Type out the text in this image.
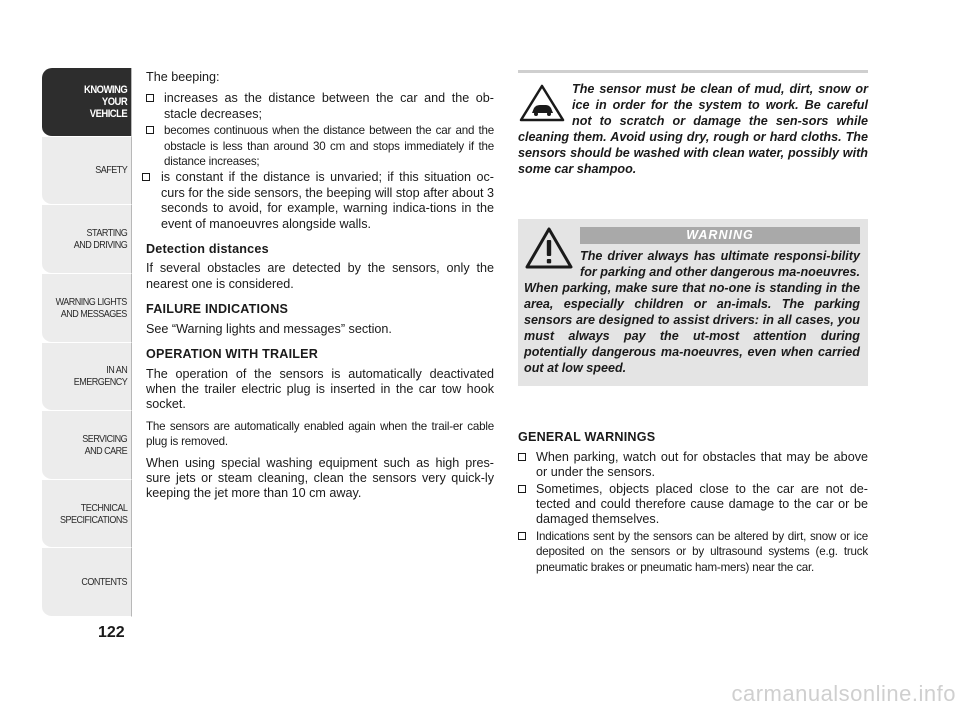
KNOWING
YOUR
VEHICLE
SAFETY
STARTING
AND DRIVING
WARNING LIGHTS
AND MESSAGES
IN AN
EMERGENCY
SERVICING
AND CARE
TECHNICAL
SPECIFICATIONS
CONTENTS
122

The beeping:

increases as the distance between the car and the ob-stacle decreases;
becomes continuous when the distance between the car and the obstacle is less than around 30 cm and stops immediately if the distance increases;
is constant if the distance is unvaried; if this situation oc-curs for the side sensors, the beeping will stop after about 3 seconds to avoid, for example, warning indica-tions in the event of manoeuvres alongside walls.
Detection distances

If several obstacles are detected by the sensors, only the nearest one is considered.

FAILURE INDICATIONS

See “Warning lights and messages” section.

OPERATION WITH TRAILER

The operation of the sensors is automatically deactivated when the trailer electric plug is inserted in the car tow hook socket.

The sensors are automatically enabled again when the trail-er cable plug is removed.

When using special washing equipment such as high pres-sure jets or steam cleaning, clean the sensors very quick-ly keeping the jet more than 10 cm away.

The sensor must be clean of mud, dirt, snow or ice in order for the system to work. Be careful not to scratch or damage the sen-sors while cleaning them. Avoid using dry, rough or hard cloths. The sensors should be washed with clean water, possibly with some car shampoo.
WARNING
The driver always has ultimate responsi-bility for parking and other dangerous ma-noeuvres. When parking, make sure that no-one is standing in the area, especially children or an-imals. The parking sensors are designed to assist drivers: in all cases, you must always pay the ut-most attention during potentially dangerous ma-noeuvres, even when carried out at low speed.
GENERAL WARNINGS
When parking, watch out for obstacles that may be above or under the sensors.
Sometimes, objects placed close to the car are not de-tected and could therefore cause damage to the car or be damaged themselves.
Indications sent by the sensors can be altered by dirt, snow or ice deposited on the sensors or by ultrasound systems (e.g. truck pneumatic brakes or pneumatic ham-mers) near the car.
carmanualsonline.info
